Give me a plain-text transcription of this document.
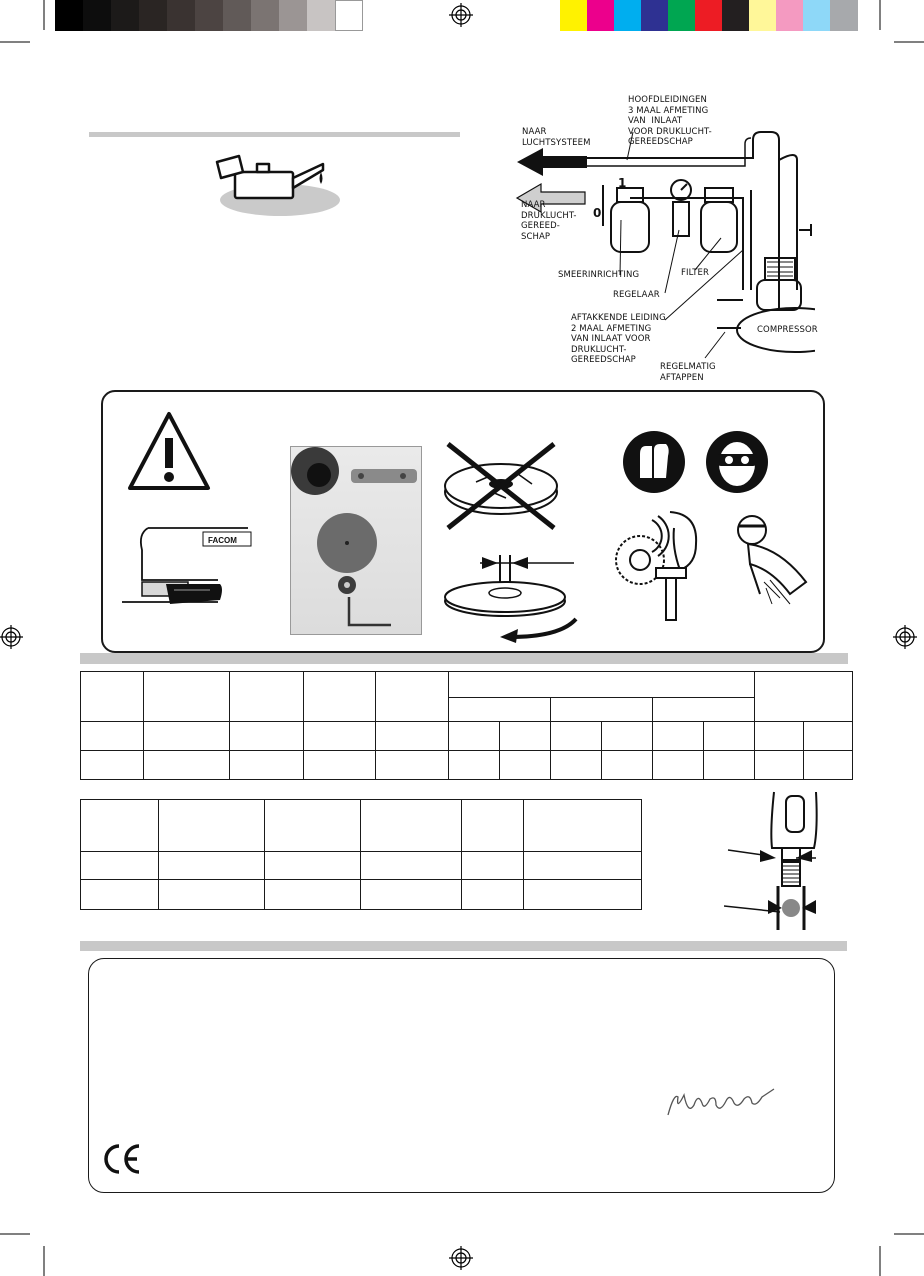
HOOFDLEIDINGEN
3 MAAL AFMETING
VAN  INLAAT
VOOR DRUKLUCHT-
GEREEDSCHAP
NAAR
LUCHTSYSTEEM
NAAR
DRUKLUCHT-
GEREED-
SCHAP
1
0
SMEERINRICHTING
REGELAAR
FILTER
AFTAKKENDE LEIDING
2 MAAL AFMETING
VAN INLAAT VOOR
DRUKLUCHT-
GEREEDSCHAP
COMPRESSOR
REGELMATIG
AFTAPPEN
FACOM
